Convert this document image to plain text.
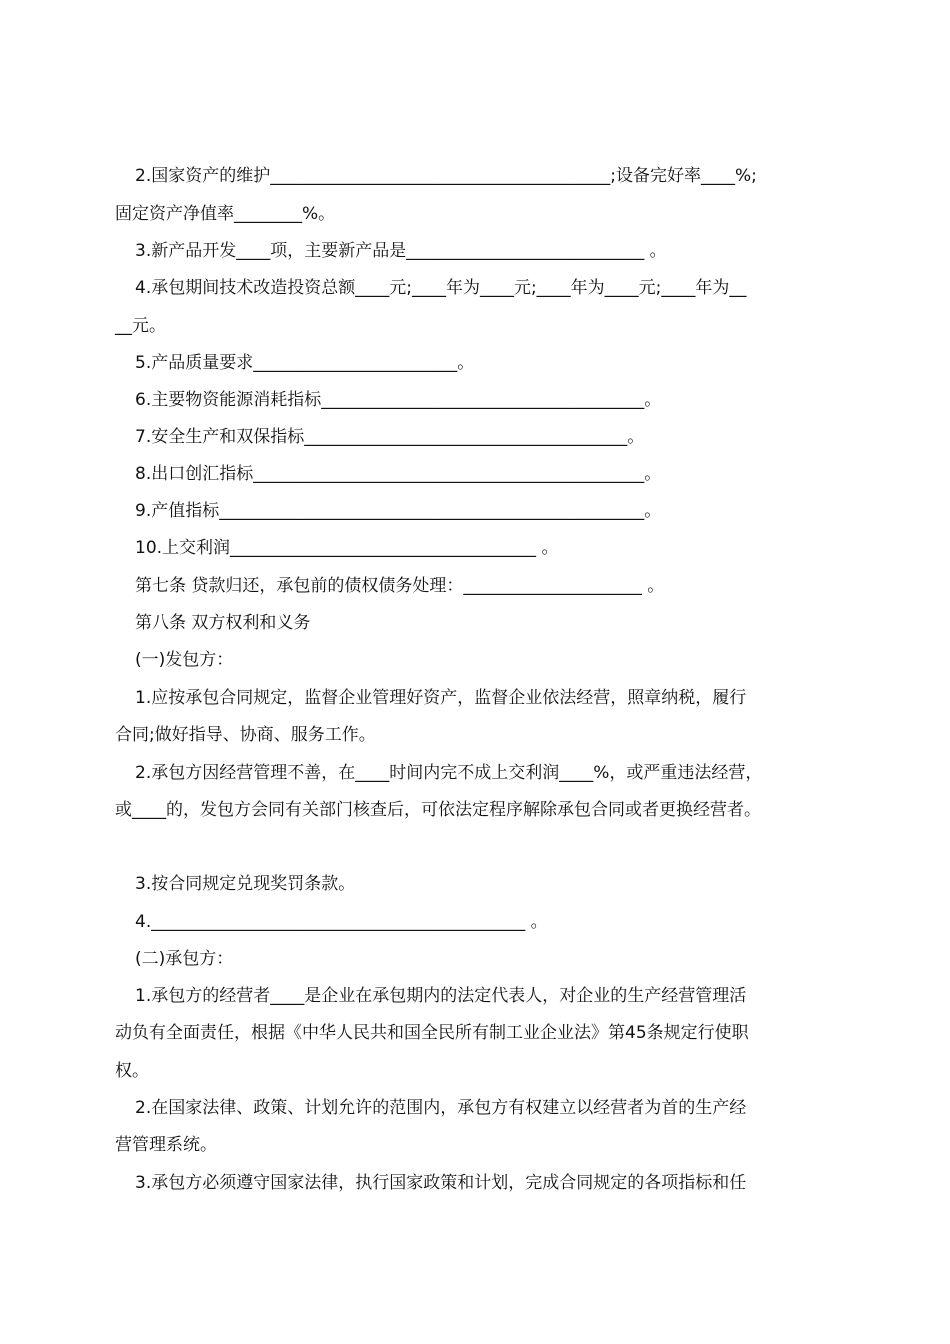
2.国家资产的维护________________________________________;设备完好率____%;
固定资产净值率________%。
3.新产品开发____项，主要新产品是____________________________ 。
4.承包期间技术改造投资总额____元;____年为____元;____年为____元;____年为__
__元。
5.产品质量要求________________________。
6.主要物资能源消耗指标______________________________________。
7.安全生产和双保指标______________________________________。
8.出口创汇指标______________________________________________。
9.产值指标__________________________________________________。
10.上交利润____________________________________ 。
第七条 贷款归还，承包前的债权债务处理：_____________________ 。
第八条 双方权利和义务
(一)发包方：
1.应按承包合同规定，监督企业管理好资产，监督企业依法经营，照章纳税，履行
合同;做好指导、协商、服务工作。
2.承包方因经营管理不善，在____时间内完不成上交利润____%，或严重违法经营，
或____的，发包方会同有关部门核查后，可依法定程序解除承包合同或者更换经营者。
3.按合同规定兑现奖罚条款。
4.____________________________________________ 。
(二)承包方：
1.承包方的经营者____是企业在承包期内的法定代表人，对企业的生产经营管理活
动负有全面责任，根据《中华人民共和国全民所有制工业企业法》第45条规定行使职
权。
2.在国家法律、政策、计划允许的范围内，承包方有权建立以经营者为首的生产经
营管理系统。
3.承包方必须遵守国家法律，执行国家政策和计划，完成合同规定的各项指标和任
